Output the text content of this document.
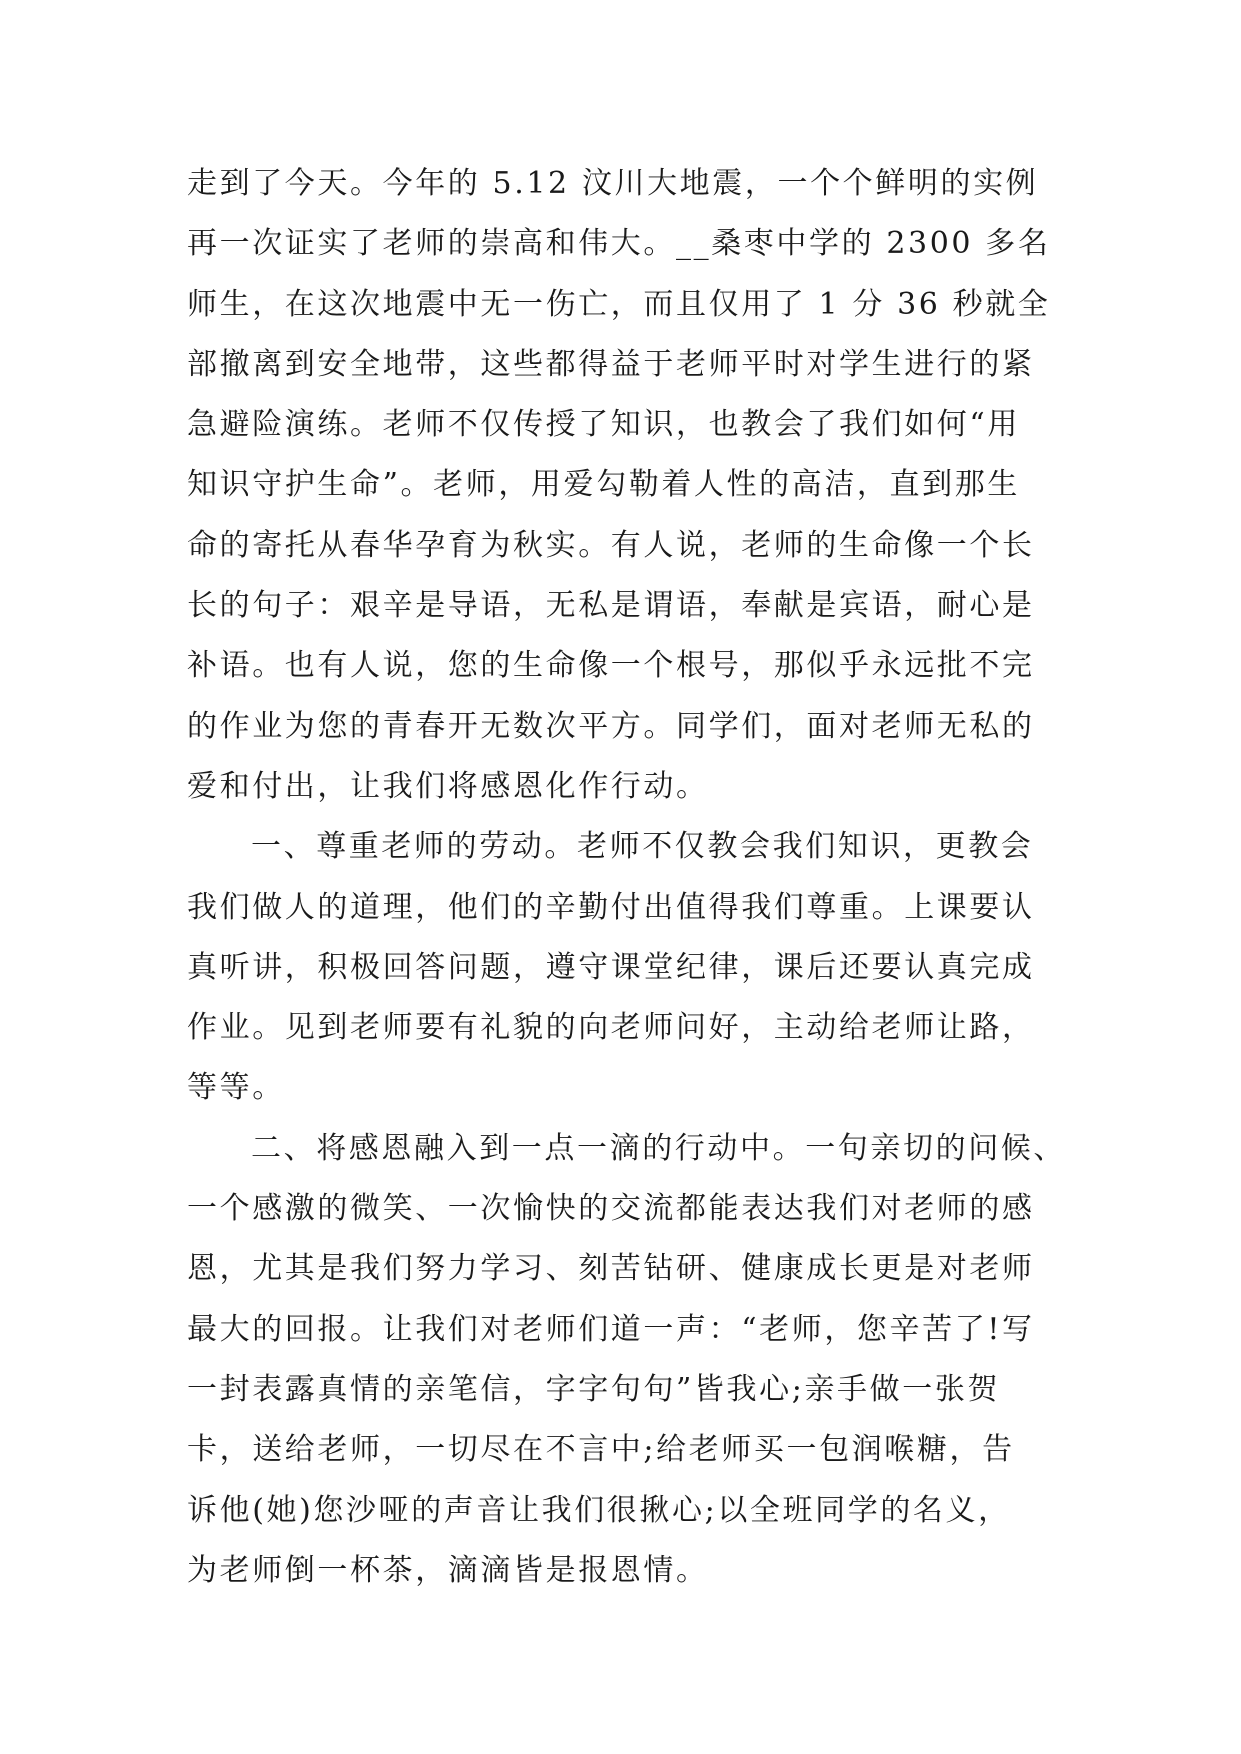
走到了今天。今年的 5.12 汶川大地震，一个个鲜明的实例
再一次证实了老师的崇高和伟大。__桑枣中学的 2300 多名
师生，在这次地震中无一伤亡，而且仅用了 1 分 36 秒就全
部撤离到安全地带，这些都得益于老师平时对学生进行的紧
急避险演练。老师不仅传授了知识，也教会了我们如何“用
知识守护生命”。老师，用爱勾勒着人性的高洁，直到那生
命的寄托从春华孕育为秋实。有人说，老师的生命像一个长
长的句子：艰辛是导语，无私是谓语，奉献是宾语，耐心是
补语。也有人说，您的生命像一个根号，那似乎永远批不完
的作业为您的青春开无数次平方。同学们，面对老师无私的
爱和付出，让我们将感恩化作行动。
一、尊重老师的劳动。老师不仅教会我们知识，更教会
我们做人的道理，他们的辛勤付出值得我们尊重。上课要认
真听讲，积极回答问题，遵守课堂纪律，课后还要认真完成
作业。见到老师要有礼貌的向老师问好，主动给老师让路，
等等。
二、将感恩融入到一点一滴的行动中。一句亲切的问候、
一个感激的微笑、一次愉快的交流都能表达我们对老师的感
恩，尤其是我们努力学习、刻苦钻研、健康成长更是对老师
最大的回报。让我们对老师们道一声：“老师，您辛苦了!写
一封表露真情的亲笔信，字字句句”皆我心;亲手做一张贺
卡，送给老师，一切尽在不言中;给老师买一包润喉糖，告
诉他(她)您沙哑的声音让我们很揪心;以全班同学的名义，
为老师倒一杯茶，滴滴皆是报恩情。
